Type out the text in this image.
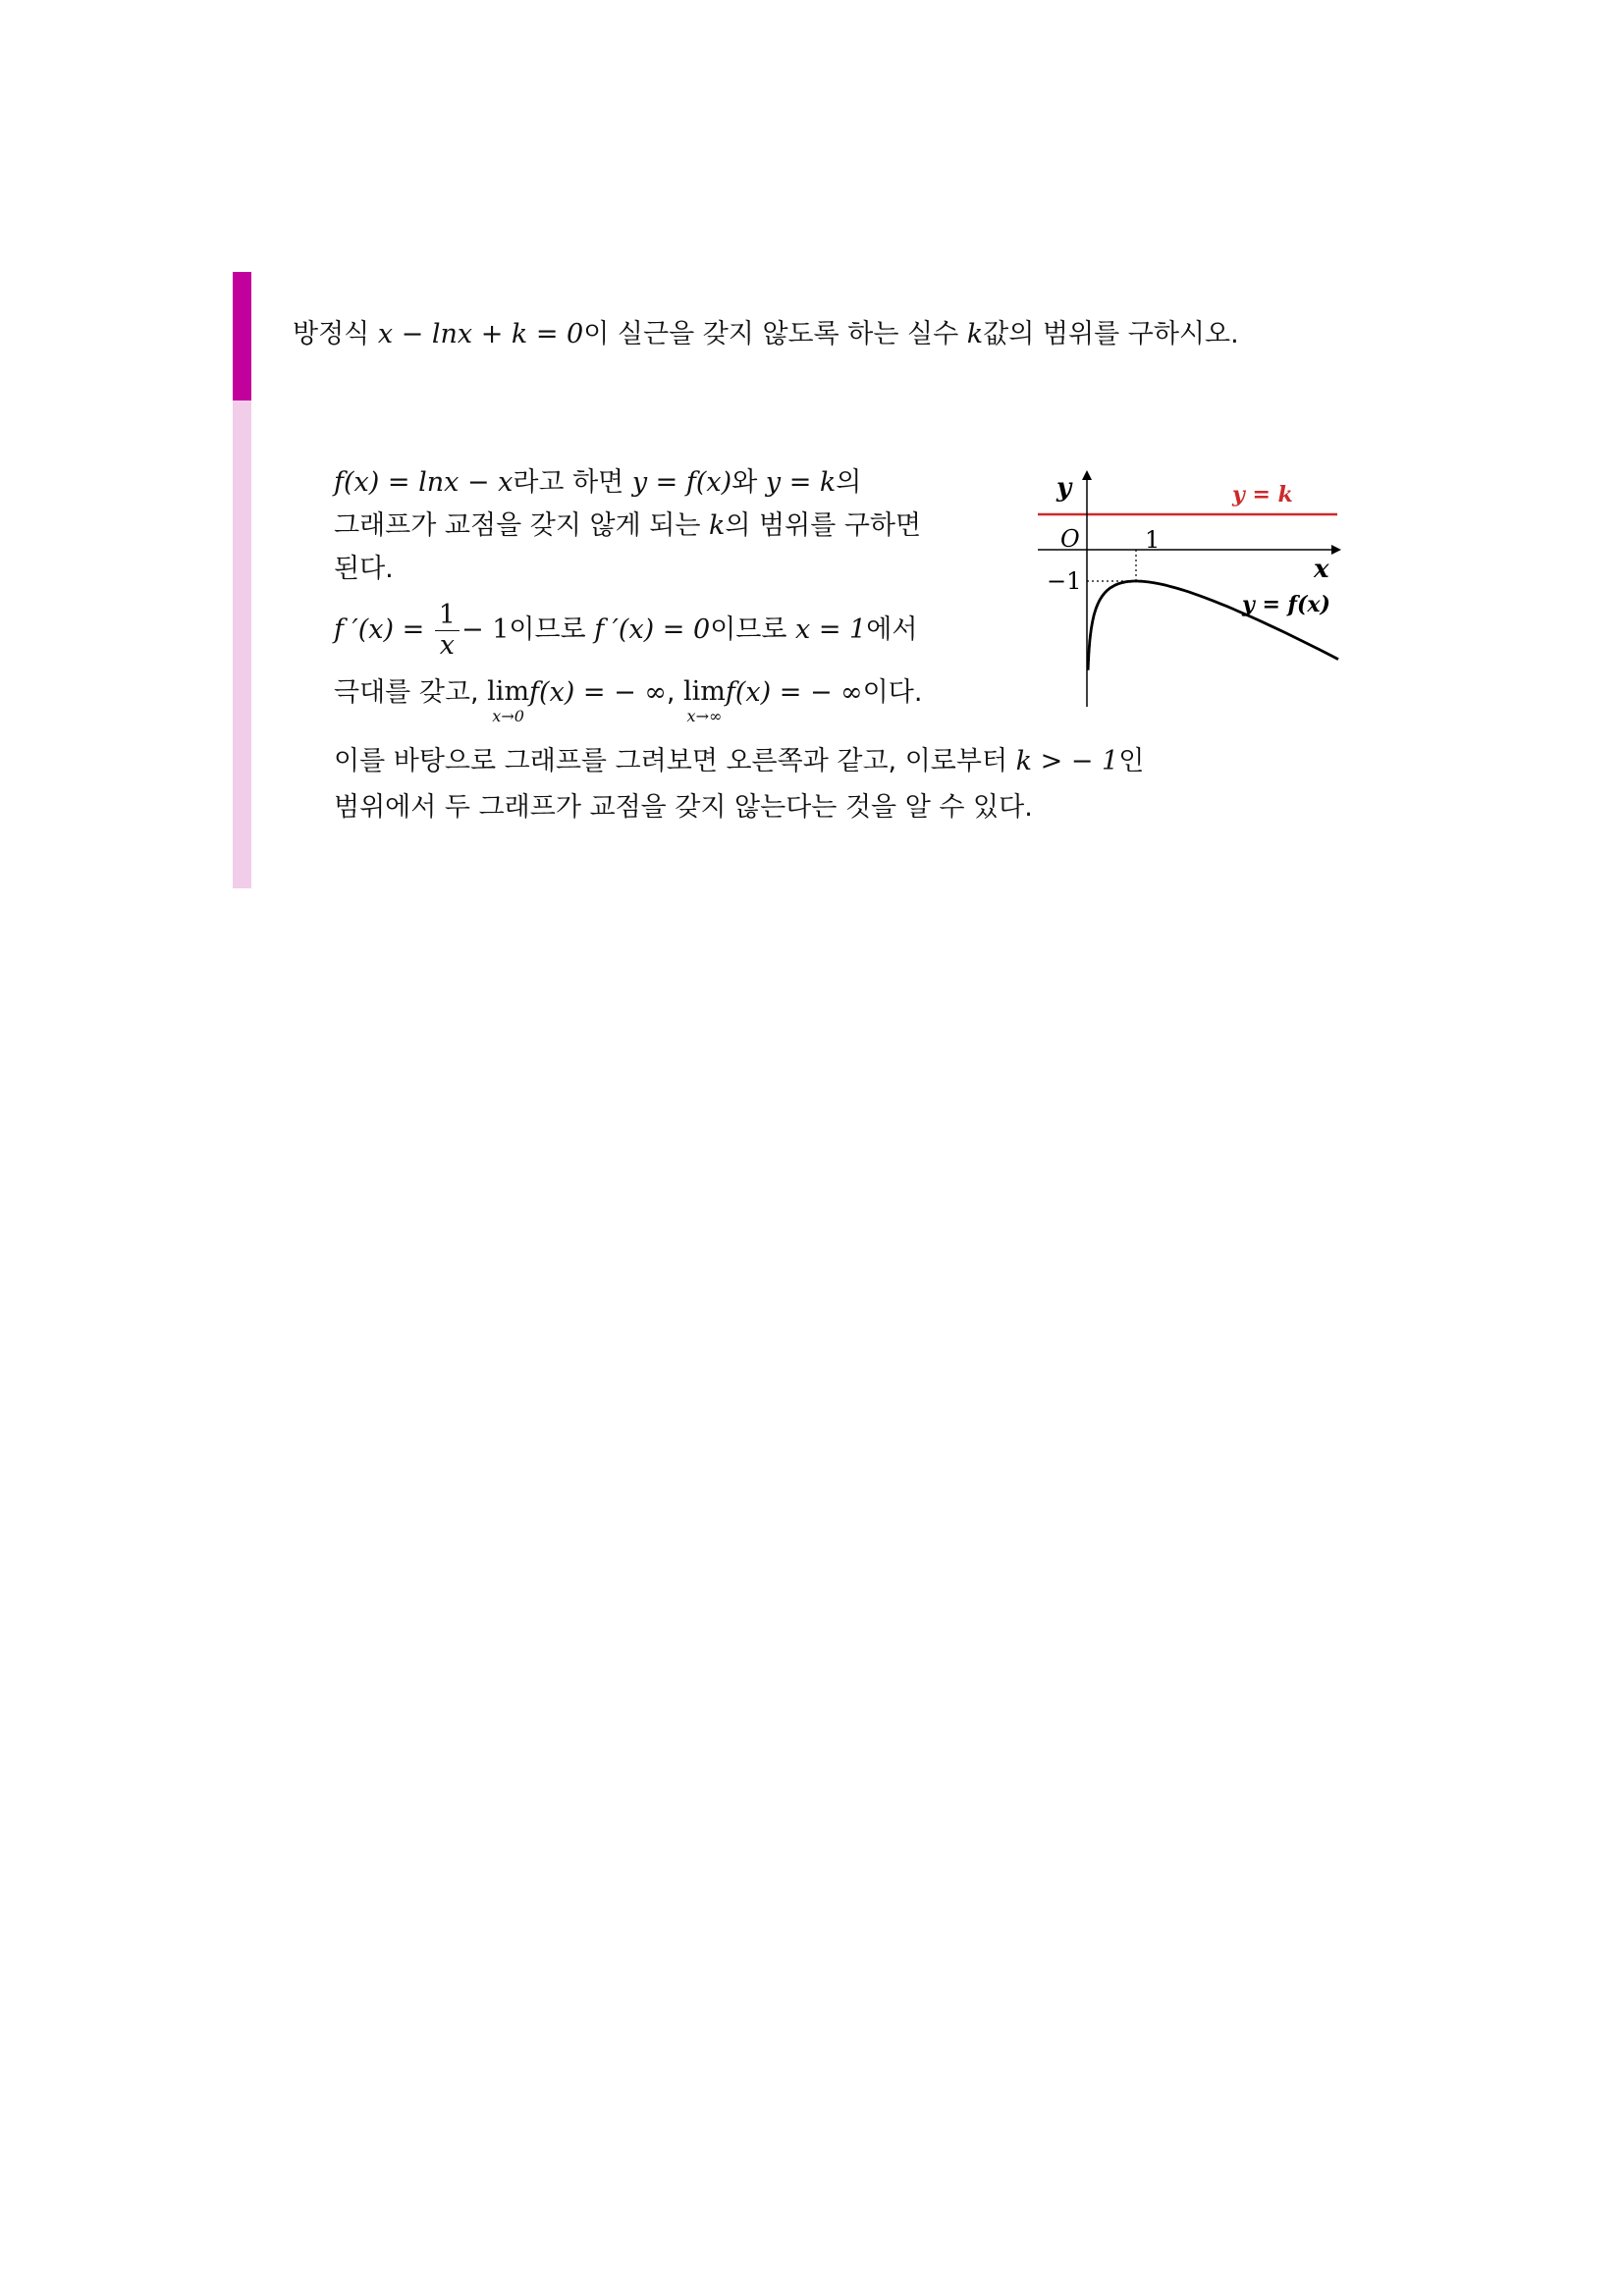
방정식 x − lnx + k = 0이 실근을 갖지 않도록 하는 실수 k값의 범위를 구하시오.
f(x) = lnx − x라고 하면 y = f(x)와 y = k의
그래프가 교점을 갖지 않게 되는 k의 범위를 구하면
된다.
f $'(x) = \frac{1}{x} - 1$이므로 f ′(x) = 0이므로 x = 1에서
극대를 갖고, lim
x→0
f(x) = − ∞, lim
x→∞
f(x) = − ∞이다.
이를 바탕으로 그래프를 그려보면 오른쪽과 같고, 이로부터 k > − 1인
범위에서 두 그래프가 교점을 갖지 않는다는 것을 알 수 있다.
y
x
O	1
−1
y = k
y = f(x)
